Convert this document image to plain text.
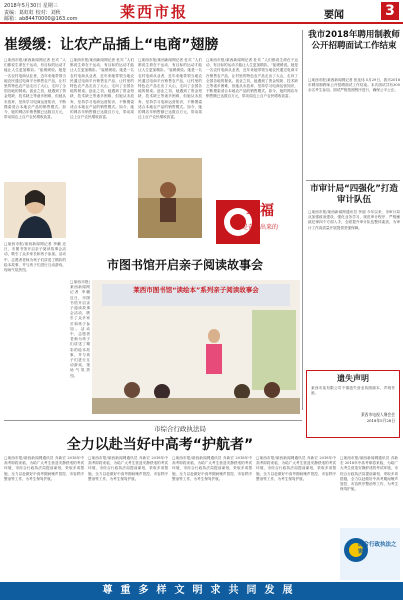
2018年5月30日 星期三
责编：葛虹虹 校对：刘秋
邮箱：ab84470000@163.com	莱西市报	要闻	3
崔缓缓：让农产品插上“电商”翅膀
□莱西市报/莱西新闻网记者 杜宾 “人们都说生命在于运动，有目标的运动才能让人生更加精彩。”崔缓缓说。她是一名农村电商从业者，近年来她带领当地农民通过电商平台销售农产品，让村里的特色农产品走出了大山，走向了全国各地的餐桌。创业之初，她遇到了资金短缺、技术缺乏等诸多困难，但她从未放弃，坚持学习电商运营知识，不断摸索适合本地农产品的销售模式。如今，她的网店年销售额已达数百万元，带动周边上百户农民增收致富。
□莱西市报/莱西新闻网记者 杜宾 “人们都说生命在于运动，有目标的运动才能让人生更加精彩。”崔缓缓说。她是一名农村电商从业者，近年来她带领当地农民通过电商平台销售农产品，让村里的特色农产品走出了大山，走向了全国各地的餐桌。创业之初，她遇到了资金短缺、技术缺乏等诸多困难，但她从未放弃，坚持学习电商运营知识，不断摸索适合本地农产品的销售模式。如今，她的网店年销售额已达数百万元，带动周边上百户农民增收致富。
□莱西市报/莱西新闻网记者 杜宾 “人们都说生命在于运动，有目标的运动才能让人生更加精彩。”崔缓缓说。她是一名农村电商从业者，近年来她带领当地农民通过电商平台销售农产品，让村里的特色农产品走出了大山，走向了全国各地的餐桌。创业之初，她遇到了资金短缺、技术缺乏等诸多困难，但她从未放弃，坚持学习电商运营知识，不断摸索适合本地农产品的销售模式。如今，她的网店年销售额已达数百万元，带动周边上百户农民增收致富。
□莱西市报/莱西新闻网记者 杜宾 “人们都说生命在于运动，有目标的运动才能让人生更加精彩。”崔缓缓说。她是一名农村电商从业者，近年来她带领当地农民通过电商平台销售农产品，让村里的特色农产品走出了大山，走向了全国各地的餐桌。创业之初，她遇到了资金短缺、技术缺乏等诸多困难，但她从未放弃，坚持学习电商运营知识，不断摸索适合本地农产品的销售模式。如今，她的网店年销售额已达数百万元，带动周边上百户农民增收致富。
幸福
都是奋斗出来的
我市2018年聘用制教师公开招聘面试工作结束
□莱西市报/莱西新闻网记者 张连伟 5月29日，我市2018年聘用制教师公开招聘面试工作结束。本次面试共有300余名考生参加，面试严格按照程序进行，确保公平公正。
市审计局“四强化”打造审计队伍
□莱西市报/莱西新闻网通讯员 李丽 今年以来，市审计局从加强政治建设、强化业务学习、规范审计程序、严格廉政纪律四个方面入手，全面提升审计队伍整体素质，为审计工作高质量开展提供坚强保障。
遗失声明
莱西市某有限公司不慎遗失营业执照副本，声明作废。
莱西市电视人聚会会
2018年5月28日
市图书馆开启亲子阅读故事会
莱西市图书馆“读绘本”系列亲子阅读故事会
□莱西市报/莱西新闻网记者 李鹏 近日，市图书馆开启亲子阅读故事会活动，吸引了众多家长和孩子参加。活动中，志愿者老师为孩子们讲述了精彩的绘本故事，并与孩子们进行互动游戏，现场气氛热烈。
□莱西市报/莱西新闻网记者 李鹏 近日，市图书馆开启亲子阅读故事会活动，吸引了众多家长和孩子参加。活动中，志愿者老师为孩子们讲述了精彩的绘本故事，并与孩子们进行互动游戏，现场气氛热烈。
市综合行政执法局
全力以赴当好中高考“护航者”
□莱西市报/莱西新闻网通讯员 乔新宏 2018年中高考即将来临，为给广大考生营造安静舒适的考试环境，市综合行政执法局提前谋划，采取多项措施，全力以赴做好中高考期间噪声管控、市容秩序整治等工作，为考生保驾护航。
□莱西市报/莱西新闻网通讯员 乔新宏 2018年中高考即将来临，为给广大考生营造安静舒适的考试环境，市综合行政执法局提前谋划，采取多项措施，全力以赴做好中高考期间噪声管控、市容秩序整治等工作，为考生保驾护航。
□莱西市报/莱西新闻网通讯员 乔新宏 2018年中高考即将来临，为给广大考生营造安静舒适的考试环境，市综合行政执法局提前谋划，采取多项措施，全力以赴做好中高考期间噪声管控、市容秩序整治等工作，为考生保驾护航。
□莱西市报/莱西新闻网通讯员 乔新宏 2018年中高考即将来临，为给广大考生营造安静舒适的考试环境，市综合行政执法局提前谋划，采取多项措施，全力以赴做好中高考期间噪声管控、市容秩序整治等工作，为考生保驾护航。
□莱西市报/莱西新闻网通讯员 乔新宏 2018年中高考即将来临，为给广大考生营造安静舒适的考试环境，市综合行政执法局提前谋划，采取多项措施，全力以赴做好中高考期间噪声管控、市容秩序整治等工作，为考生保驾护航。
综合行政执法之窗
尊重多样文明求共同发展
